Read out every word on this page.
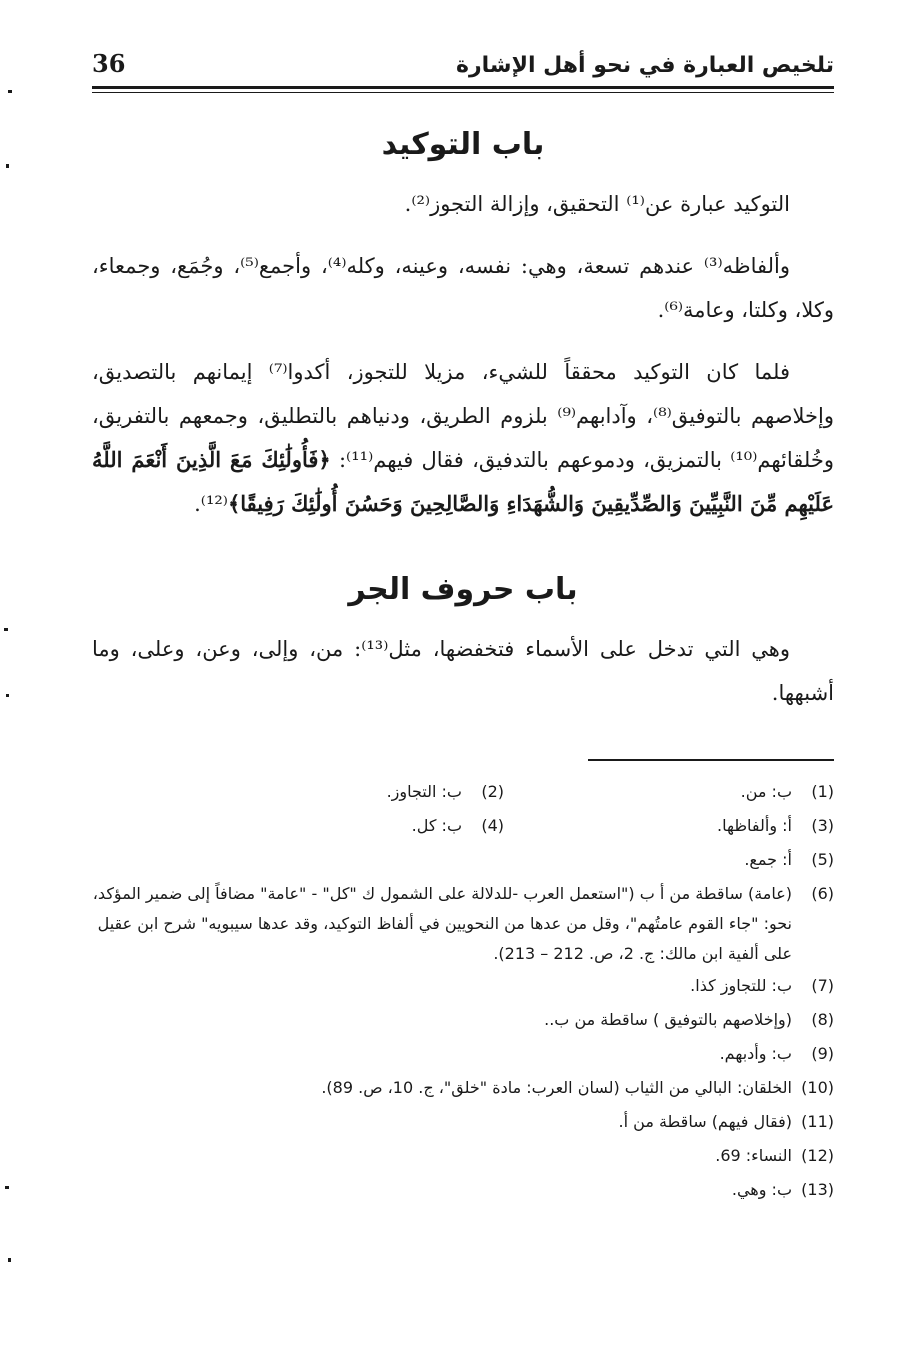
تلخيص العبارة في نحو أهل الإشارة
36
باب التوكيد

التوكيد عبارة عن⁽¹⁾ التحقيق، وإزالة التجوز⁽²⁾.

وألفاظه⁽³⁾ عندهم تسعة، وهي: نفسه، وعينه، وكله⁽⁴⁾، وأجمع⁽⁵⁾، وجُمَع، وجمعاء، وكلا، وكلتا، وعامة⁽⁶⁾.

فلما كان التوكيد محققاً للشيء، مزيلا للتجوز، أكدوا⁽⁷⁾ إيمانهم بالتصديق، وإخلاصهم بالتوفيق⁽⁸⁾، وآدابهم⁽⁹⁾ بلزوم الطريق، ودنياهم بالتطليق، وجمعهم بالتفريق، وخُلقائهم⁽¹⁰⁾ بالتمزيق، ودموعهم بالتدفيق، فقال فيهم⁽¹¹⁾: ﴿فَأُولَٰئِكَ مَعَ الَّذِينَ أَنْعَمَ اللَّهُ عَلَيْهِم مِّنَ النَّبِيِّينَ وَالصِّدِّيقِينَ وَالشُّهَدَاءِ وَالصَّالِحِينَ وَحَسُنَ أُولَٰئِكَ رَفِيقًا﴾⁽¹²⁾.

باب حروف الجر

وهي التي تدخل على الأسماء فتخفضها، مثل⁽¹³⁾: من، وإلى، وعن، وعلى، وما أشبهها.

(1)
ب: من.
(2)
ب: التجاوز.
(3)
أ: وألفاظها.
(4)
ب: كل.
(5)
أ: جمع.
(6)
(عامة) ساقطة من أ ب ("استعمل العرب -للدلالة على الشمول ك "كل" - "عامة" مضافاً إلى ضمير المؤكد، نحو: "جاء القوم عامتُهم"، وقل من عدها من النحويين في ألفاظ التوكيد، وقد عدها سيبويه" شرح ابن عقيل على ألفية ابن مالك: ج. 2، ص. 212 – 213).
(7)
ب: للتجاوز كذا.
(8)
(وإخلاصهم بالتوفيق ) ساقطة من ب..
(9)
ب: وأدبهم.
(10)
الخلقان: البالي من الثياب (لسان العرب: مادة "خلق"، ج. 10، ص. 89).
(11)
(فقال فيهم) ساقطة من أ.
(12)
النساء: 69.
(13)
ب: وهي.
